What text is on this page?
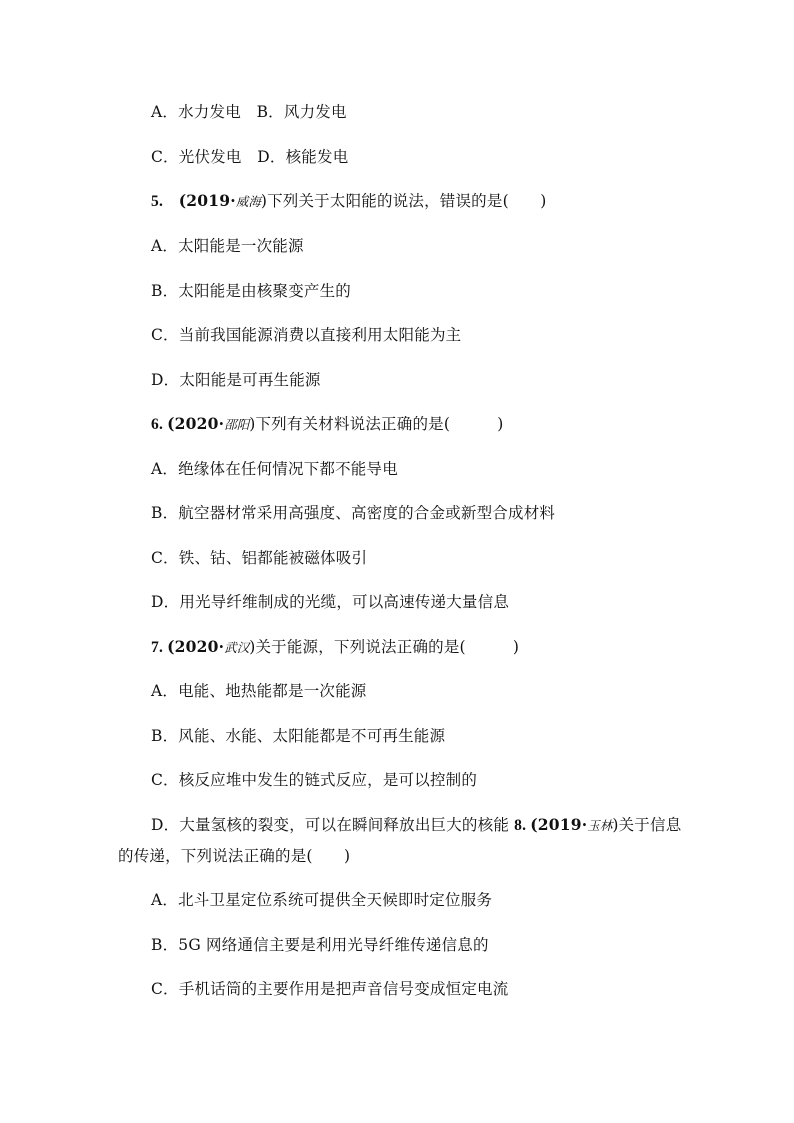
A．水力发电　B．风力发电
C．光伏发电　D．核能发电
5.　(2019·威海)下列关于太阳能的说法，错误的是(　　)
A．太阳能是一次能源
B．太阳能是由核聚变产生的
C．当前我国能源消费以直接利用太阳能为主
D．太阳能是可再生能源
6. (2020·邵阳)下列有关材料说法正确的是(　　　)
A．绝缘体在任何情况下都不能导电
B．航空器材常采用高强度、高密度的合金或新型合成材料
C．铁、钴、铝都能被磁体吸引
D．用光导纤维制成的光缆，可以高速传递大量信息
7. (2020·武汉)关于能源，下列说法正确的是(　　　)
A．电能、地热能都是一次能源
B．风能、水能、太阳能都是不可再生能源
C．核反应堆中发生的链式反应，是可以控制的
D．大量氢核的裂变，可以在瞬间释放出巨大的核能 8. (2019·玉林)关于信息
的传递，下列说法正确的是(　　)
A．北斗卫星定位系统可提供全天候即时定位服务
B．5G 网络通信主要是利用光导纤维传递信息的
C．手机话筒的主要作用是把声音信号变成恒定电流
